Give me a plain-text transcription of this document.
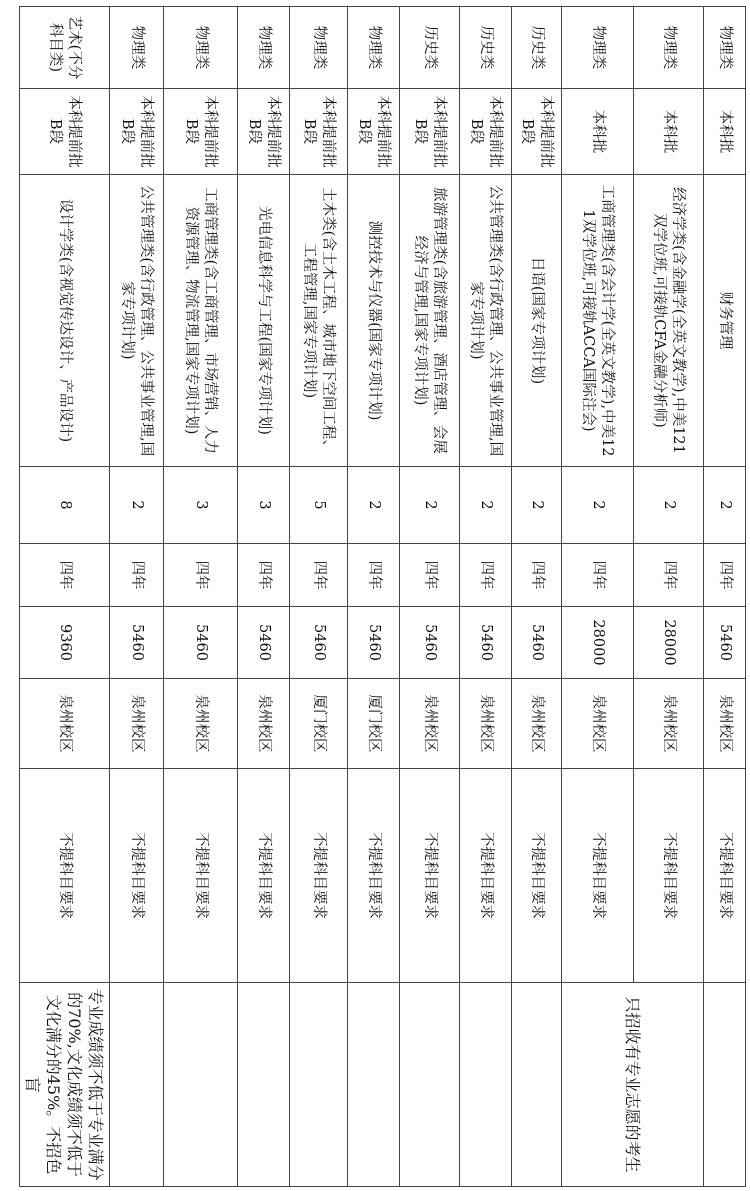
物理类	本科批	财务管理	2	四年	5460	泉州校区	不提科目要求	
物理类	本科批	经济学类(含金融学(全英文教学),中美121双学位班,可接轨CFA金融分析师)	2	四年	28000	泉州校区	不提科目要求	只招收有专业志愿的考生
物理类	本科批	工商管理类(含会计学(全英文教学),中美121双学位班,可接轨ACCA国际注会)	2	四年	28000	泉州校区	不提科目要求	
历史类	本科提前批B段	日语(国家专项计划)	2	四年	5460	泉州校区	不提科目要求	
历史类	本科提前批B段	公共管理类(含行政管理、公共事业管理,国家专项计划)	2	四年	5460	泉州校区	不提科目要求	
历史类	本科提前批B段	旅游管理类(含旅游管理、酒店管理、会展经济与管理,国家专项计划)	2	四年	5460	泉州校区	不提科目要求	
物理类	本科提前批B段	测控技术与仪器(国家专项计划)	2	四年	5460	厦门校区	不提科目要求	
物理类	本科提前批B段	土木类(含土木工程、城市地下空间工程、工程管理,国家专项计划)	5	四年	5460	厦门校区	不提科目要求	
物理类	本科提前批B段	光电信息科学与工程(国家专项计划)	3	四年	5460	泉州校区	不提科目要求	
物理类	本科提前批B段	工商管理类(含工商管理、市场营销、人力资源管理、物流管理,国家专项计划)	3	四年	5460	泉州校区	不提科目要求	
物理类	本科提前批B段	公共管理类(含行政管理、公共事业管理,国家专项计划)	2	四年	5460	泉州校区	不提科目要求	
艺术(不分科目类)	本科提前批B段	设计学类(含视觉传达设计、产品设计)	8	四年	9360	泉州校区	不提科目要求	专业成绩须不低于专业满分的70%,文化成绩须不低于文化满分的45%。不招色盲
